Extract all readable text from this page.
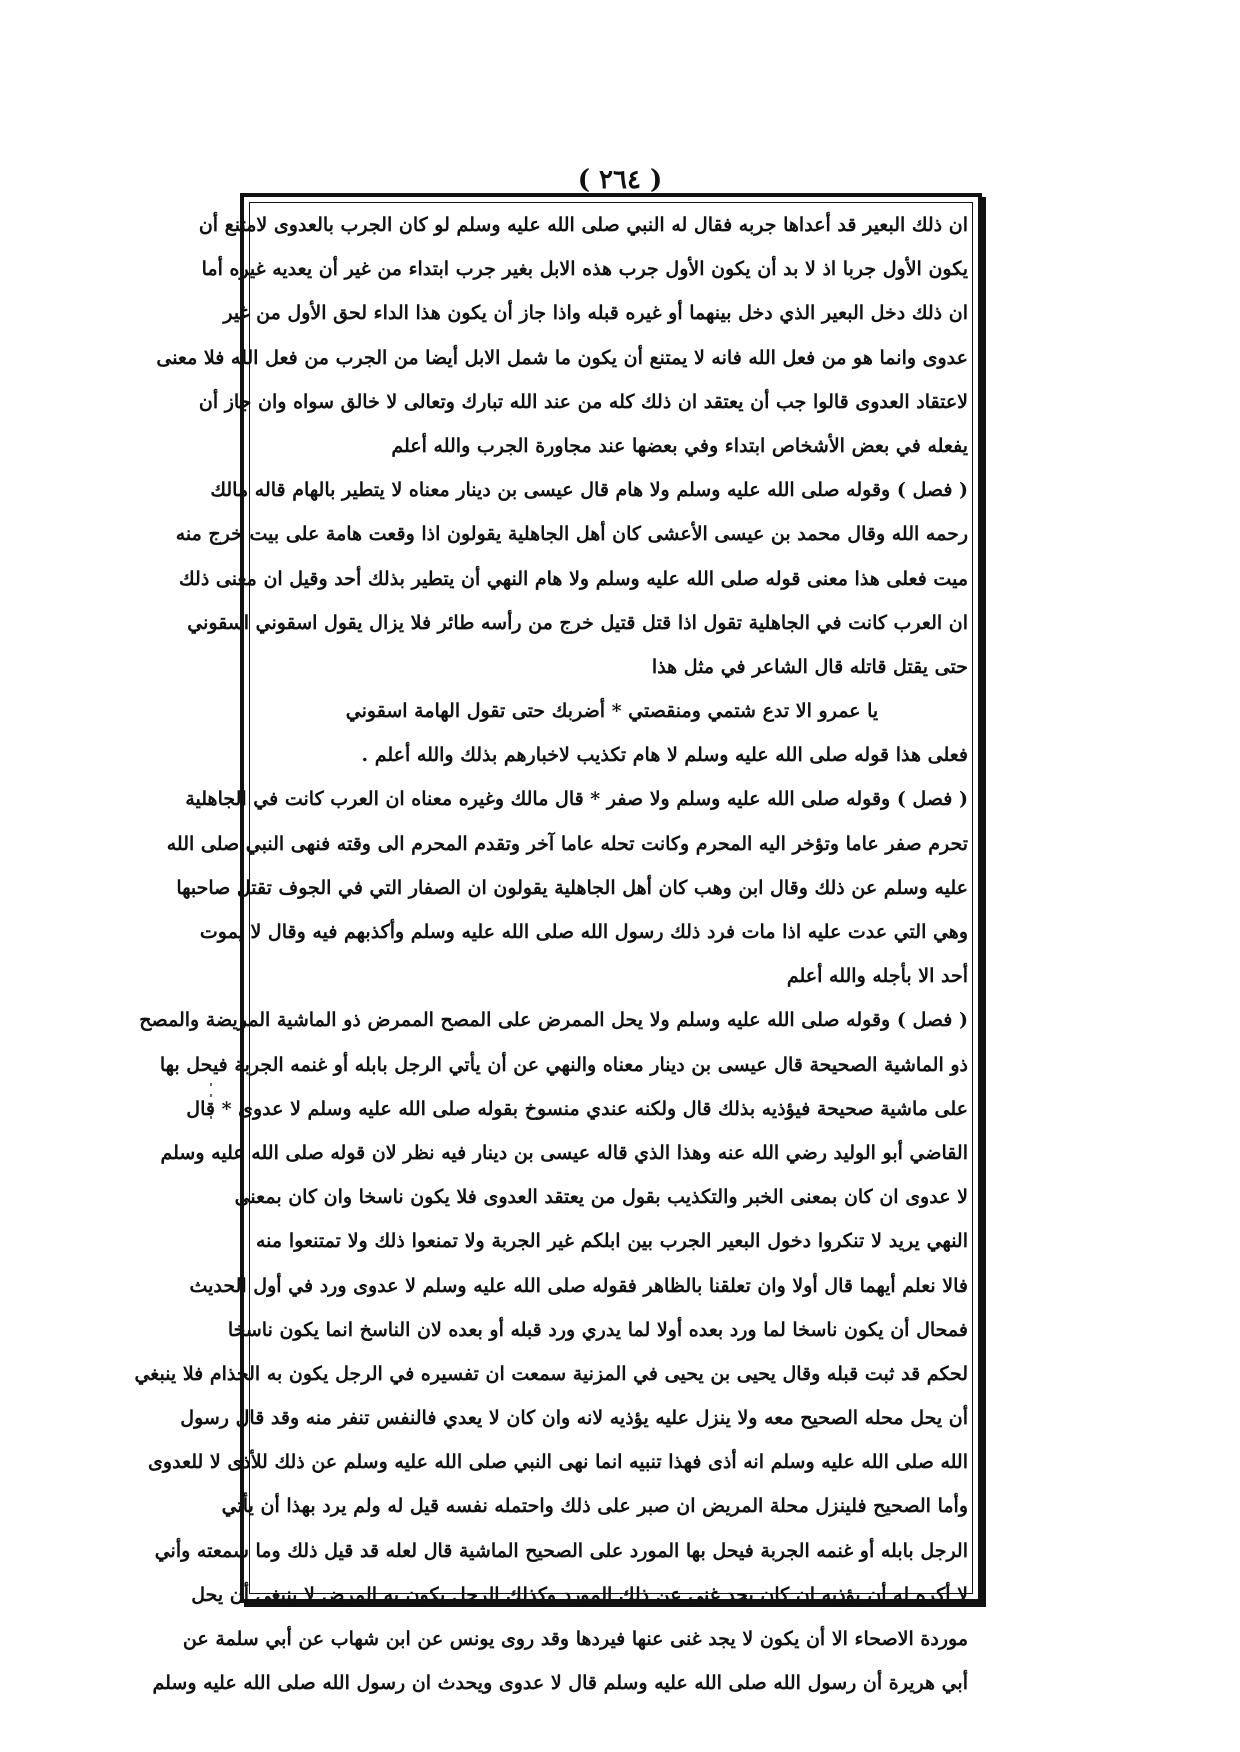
( ٢٦٤ )
ان ذلك البعير قد أعداها جربه فقال له النبي صلى الله عليه وسلم لو كان الجرب بالعدوى لامتنع أن
يكون الأول جربا اذ لا بد أن يكون الأول جرب هذه الابل بغير جرب ابتداء من غير أن يعديه غيره أما
ان ذلك دخل البعير الذي دخل بينهما أو غيره قبله واذا جاز أن يكون هذا الداء لحق الأول من غير
عدوى وانما هو من فعل الله فانه لا يمتنع أن يكون ما شمل الابل أيضا من الجرب من فعل الله فلا معنى
لاعتقاد العدوى قالوا جب أن يعتقد ان ذلك كله من عند الله تبارك وتعالى لا خالق سواه وان جاز أن
يفعله في بعض الأشخاص ابتداء وفي بعضها عند مجاورة الجرب والله أعلم
( فصل ) وقوله صلى الله عليه وسلم ولا هام قال عيسى بن دينار معناه لا يتطير بالهام قاله مالك
رحمه الله وقال محمد بن عيسى الأعشى كان أهل الجاهلية يقولون اذا وقعت هامة على بيت خرج منه
ميت فعلى هذا معنى قوله صلى الله عليه وسلم ولا هام النهي أن يتطير بذلك أحد وقيل ان معنى ذلك
ان العرب كانت في الجاهلية تقول اذا قتل قتيل خرج من رأسه طائر فلا يزال يقول اسقوني اسقوني
حتى يقتل قاتله قال الشاعر في مثل هذا
يا عمرو الا تدع شتمي ومنقصتي * أضربك حتى تقول الهامة اسقوني
فعلى هذا قوله صلى الله عليه وسلم لا هام تكذيب لاخبارهم بذلك والله أعلم .
( فصل ) وقوله صلى الله عليه وسلم ولا صفر * قال مالك وغيره معناه ان العرب كانت في الجاهلية
تحرم صفر عاما وتؤخر اليه المحرم وكانت تحله عاما آخر وتقدم المحرم الى وقته فنهى النبي صلى الله
عليه وسلم عن ذلك وقال ابن وهب كان أهل الجاهلية يقولون ان الصفار التي في الجوف تقتل صاحبها
وهي التي عدت عليه اذا مات فرد ذلك رسول الله صلى الله عليه وسلم وأكذبهم فيه وقال لا يموت
أحد الا بأجله والله أعلم
( فصل ) وقوله صلى الله عليه وسلم ولا يحل الممرض على المصح الممرض ذو الماشية المريضة والمصح
ذو الماشية الصحيحة قال عيسى بن دينار معناه والنهي عن أن يأتي الرجل بابله أو غنمه الجربة فيحل بها
على ماشية صحيحة فيؤذيه بذلك قال ولكنه عندي منسوخ بقوله صلى الله عليه وسلم لا عدوى * قال
القاضي أبو الوليد رضي الله عنه وهذا الذي قاله عيسى بن دينار فيه نظر لان قوله صلى الله عليه وسلم
لا عدوى ان كان بمعنى الخبر والتكذيب بقول من يعتقد العدوى فلا يكون ناسخا وان كان بمعنى
النهي يريد لا تنكروا دخول البعير الجرب بين ابلكم غير الجربة ولا تمنعوا ذلك ولا تمتنعوا منه
فالا نعلم أيهما قال أولا وان تعلقنا بالظاهر فقوله صلى الله عليه وسلم لا عدوى ورد في أول الحديث
فمحال أن يكون ناسخا لما ورد بعده أولا لما يدري ورد قبله أو بعده لان الناسخ انما يكون ناسخا
لحكم قد ثبت قبله وقال يحيى بن يحيى في المزنية سمعت ان تفسيره في الرجل يكون به الجذام فلا ينبغي
أن يحل محله الصحيح معه ولا ينزل عليه يؤذيه لانه وان كان لا يعدي فالنفس تنفر منه وقد قال رسول
الله صلى الله عليه وسلم انه أذى فهذا تنبيه انما نهى النبي صلى الله عليه وسلم عن ذلك للأذى لا للعدوى
وأما الصحيح فلينزل محلة المريض ان صبر على ذلك واحتمله نفسه قيل له ولم يرد بهذا أن يأتي
الرجل بابله أو غنمه الجربة فيحل بها المورد على الصحيح الماشية قال لعله قد قيل ذلك وما سمعته وأني
لا أكره له أن يؤذيه ان كان يجد غنى عن ذلك المورد وكذلك الرجل يكون به المرض لا ينبغي أن يحل
موردة الاصحاء الا أن يكون لا يجد غنى عنها فيردها وقد روى يونس عن ابن شهاب عن أبي سلمة عن
أبي هريرة أن رسول الله صلى الله عليه وسلم قال لا عدوى ويحدث ان رسول الله صلى الله عليه وسلم
